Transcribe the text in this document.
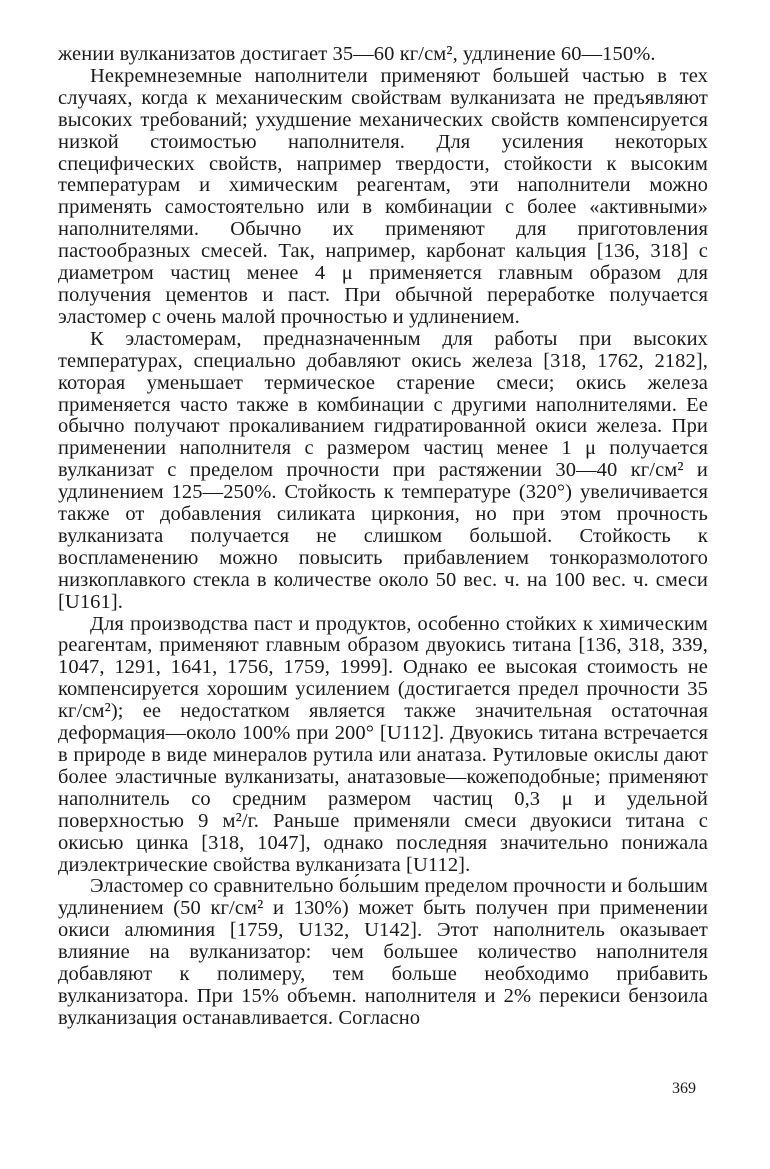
жении вулканизатов достигает 35—60 кг/см², удлинение 60—150%.

Некремнеземные наполнители применяют большей частью в тех случаях, когда к механическим свойствам вулканизата не предъявляют высоких требований; ухудшение механических свойств компенсируется низкой стоимостью наполнителя. Для усиления некоторых специфических свойств, например твердости, стойкости к высоким температурам и химическим реагентам, эти наполнители можно применять самостоятельно или в комбинации с более «активными» наполнителями. Обычно их применяют для приготовления пастообразных смесей. Так, например, карбонат кальция [136, 318] с диаметром частиц менее 4 μ применяется главным образом для получения цементов и паст. При обычной переработке получается эластомер с очень малой прочностью и удлинением.

К эластомерам, предназначенным для работы при высоких температурах, специально добавляют окись железа [318, 1762, 2182], которая уменьшает термическое старение смеси; окись железа применяется часто также в комбинации с другими наполнителями. Ее обычно получают прокаливанием гидратированной окиси железа. При применении наполнителя с размером частиц менее 1 μ получается вулканизат с пределом прочности при растяжении 30—40 кг/см² и удлинением 125—250%. Стойкость к температуре (320°) увеличивается также от добавления силиката циркония, но при этом прочность вулканизата получается не слишком большой. Стойкость к воспламенению можно повысить прибавлением тонкоразмолотого низкоплавкого стекла в количестве около 50 вес. ч. на 100 вес. ч. смеси [U161].

Для производства паст и продуктов, особенно стойких к химическим реагентам, применяют главным образом двуокись титана [136, 318, 339, 1047, 1291, 1641, 1756, 1759, 1999]. Однако ее высокая стоимость не компенсируется хорошим усилением (достигается предел прочности 35 кг/см²); ее недостатком является также значительная остаточная деформация—около 100% при 200° [U112]. Двуокись титана встречается в природе в виде минералов рутила или анатаза. Рутиловые окислы дают более эластичные вулканизаты, анатазовые—кожеподобные; применяют наполнитель со средним размером частиц 0,3 μ и удельной поверхностью 9 м²/г. Раньше применяли смеси двуокиси титана с окисью цинка [318, 1047], однако последняя значительно понижала диэлектрические свойства вулканизата [U112].

Эластомер со сравнительно бо́льшим пределом прочности и большим удлинением (50 кг/см² и 130%) может быть получен при применении окиси алюминия [1759, U132, U142]. Этот наполнитель оказывает влияние на вулканизатор: чем большее количество наполнителя добавляют к полимеру, тем больше необходимо прибавить вулканизатора. При 15% объемн. наполнителя и 2% перекиси бензоила вулканизация останавливается. Согласно

369
